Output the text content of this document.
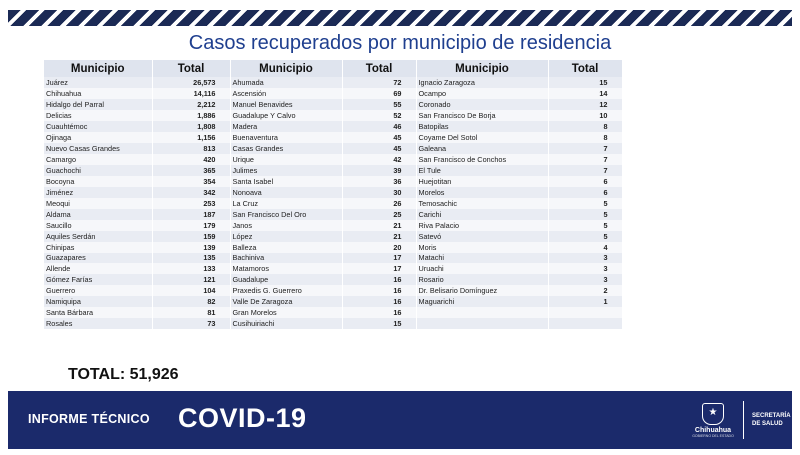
Casos recuperados por municipio de residencia
Municipio	Total	Municipio	Total	Municipio	Total
Juárez	26,573	Ahumada	72	Ignacio Zaragoza	15
Chihuahua	14,116	Ascensión	69	Ocampo	14
Hidalgo del Parral	2,212	Manuel Benavides	55	Coronado	12
Delicias	1,886	Guadalupe Y Calvo	52	San Francisco De Borja	10
Cuauhtémoc	1,808	Madera	46	Batopilas	8
Ojinaga	1,156	Buenaventura	45	Coyame Del Sotol	8
Nuevo Casas Grandes	813	Casas Grandes	45	Galeana	7
Camargo	420	Urique	42	San Francisco de Conchos	7
Guachochi	365	Julimes	39	El Tule	7
Bocoyna	354	Santa Isabel	36	Huejotitan	6
Jiménez	342	Nonoava	30	Morelos	6
Meoqui	253	La Cruz	26	Temosachic	5
Aldama	187	San Francisco Del Oro	25	Carichi	5
Saucillo	179	Janos	21	Riva Palacio	5
Aquiles Serdán	159	López	21	Satevó	5
Chinipas	139	Balleza	20	Moris	4
Guazapares	135	Bachiniva	17	Matachi	3
Allende	133	Matamoros	17	Uruachi	3
Gómez Farías	121	Guadalupe	16	Rosario	3
Guerrero	104	Praxedis G. Guerrero	16	Dr. Belisario Domínguez	2
Namiquipa	82	Valle De Zaragoza	16	Maguarichi	1
Santa Bárbara	81	Gran Morelos	16		
Rosales	73	Cusihuiriachi	15		
TOTAL: 51,926
INFORME TÉCNICO COVID-19	★
Chihuahua
GOBIERNO DEL ESTADO
SECRETARÍA
DE SALUD
